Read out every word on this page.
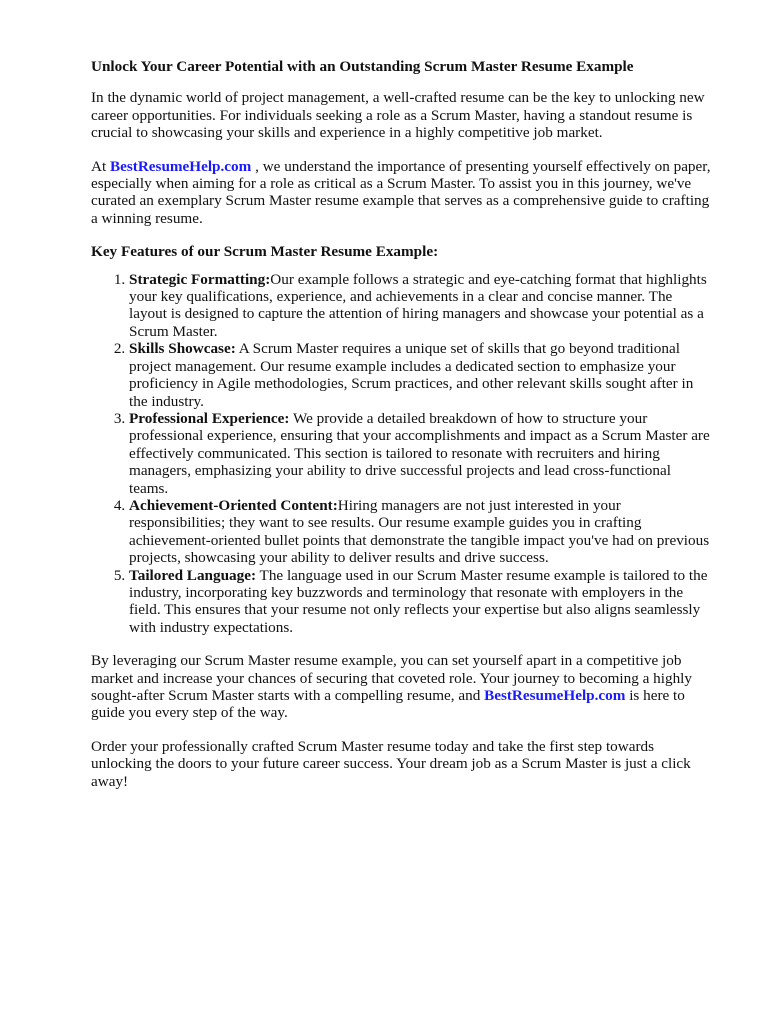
Unlock Your Career Potential with an Outstanding Scrum Master Resume Example

In the dynamic world of project management, a well-crafted resume can be the key to unlocking new career opportunities. For individuals seeking a role as a Scrum Master, having a standout resume is crucial to showcasing your skills and experience in a highly competitive job market.

At BestResumeHelp.com , we understand the importance of presenting yourself effectively on paper, especially when aiming for a role as critical as a Scrum Master. To assist you in this journey, we've curated an exemplary Scrum Master resume example that serves as a comprehensive guide to crafting a winning resume.

Key Features of our Scrum Master Resume Example:
1. Strategic Formatting:Our example follows a strategic and eye-catching format that highlights your key qualifications, experience, and achievements in a clear and concise manner. The layout is designed to capture the attention of hiring managers and showcase your potential as a Scrum Master.
2. Skills Showcase: A Scrum Master requires a unique set of skills that go beyond traditional project management. Our resume example includes a dedicated section to emphasize your proficiency in Agile methodologies, Scrum practices, and other relevant skills sought after in the industry.
3. Professional Experience: We provide a detailed breakdown of how to structure your professional experience, ensuring that your accomplishments and impact as a Scrum Master are effectively communicated. This section is tailored to resonate with recruiters and hiring managers, emphasizing your ability to drive successful projects and lead cross-functional teams.
4. Achievement-Oriented Content:Hiring managers are not just interested in your responsibilities; they want to see results. Our resume example guides you in crafting achievement-oriented bullet points that demonstrate the tangible impact you've had on previous projects, showcasing your ability to deliver results and drive success.
5. Tailored Language: The language used in our Scrum Master resume example is tailored to the industry, incorporating key buzzwords and terminology that resonate with employers in the field. This ensures that your resume not only reflects your expertise but also aligns seamlessly with industry expectations.

By leveraging our Scrum Master resume example, you can set yourself apart in a competitive job market and increase your chances of securing that coveted role. Your journey to becoming a highly sought-after Scrum Master starts with a compelling resume, and BestResumeHelp.com is here to guide you every step of the way.

Order your professionally crafted Scrum Master resume today and take the first step towards unlocking the doors to your future career success. Your dream job as a Scrum Master is just a click away!
